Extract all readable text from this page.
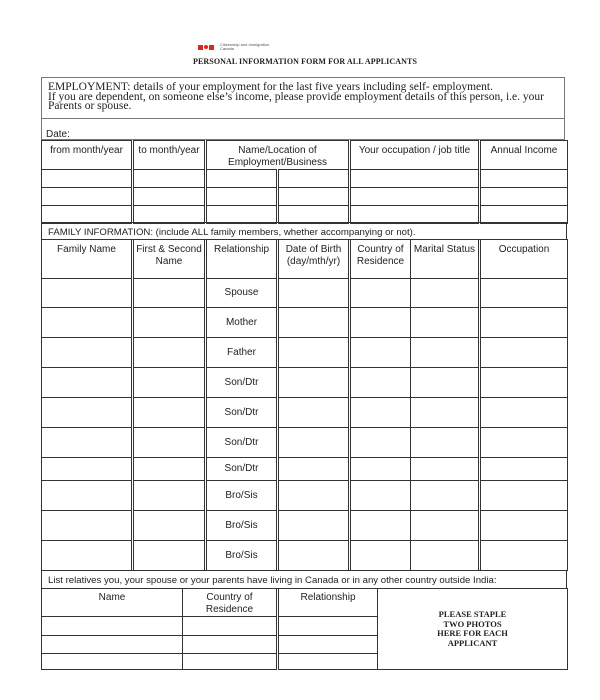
Citizenship and Immigration Canada
PERSONAL INFORMATION FORM FOR ALL APPLICANTS
EMPLOYMENT: details of your employment for the last five years including self- employment.
If you are dependent, on someone else’s income, please provide employment details of this person, i.e. your Parents or spouse.
Date:
from month/year	to month/year	Name/Location of Employment/Business		Your occupation / job title	Annual Income

FAMILY INFORMATION: (include ALL family members, whether accompanying or not).
Family Name	First & Second Name	Relationship	Date of Birth (day/mth/yr)	Country of Residence	Marital Status	Occupation
		Spouse				
		Mother				
		Father				
		Son/Dtr				
		Son/Dtr				
		Son/Dtr				
		Son/Dtr				
		Bro/Sis				
		Bro/Sis				
		Bro/Sis				
List relatives you, your spouse or your parents have living in Canada or in any other country outside India:
Name	Country of Residence	Relationship	PLEASE STAPLE
TWO PHOTOS
HERE FOR EACH
APPLICANT
